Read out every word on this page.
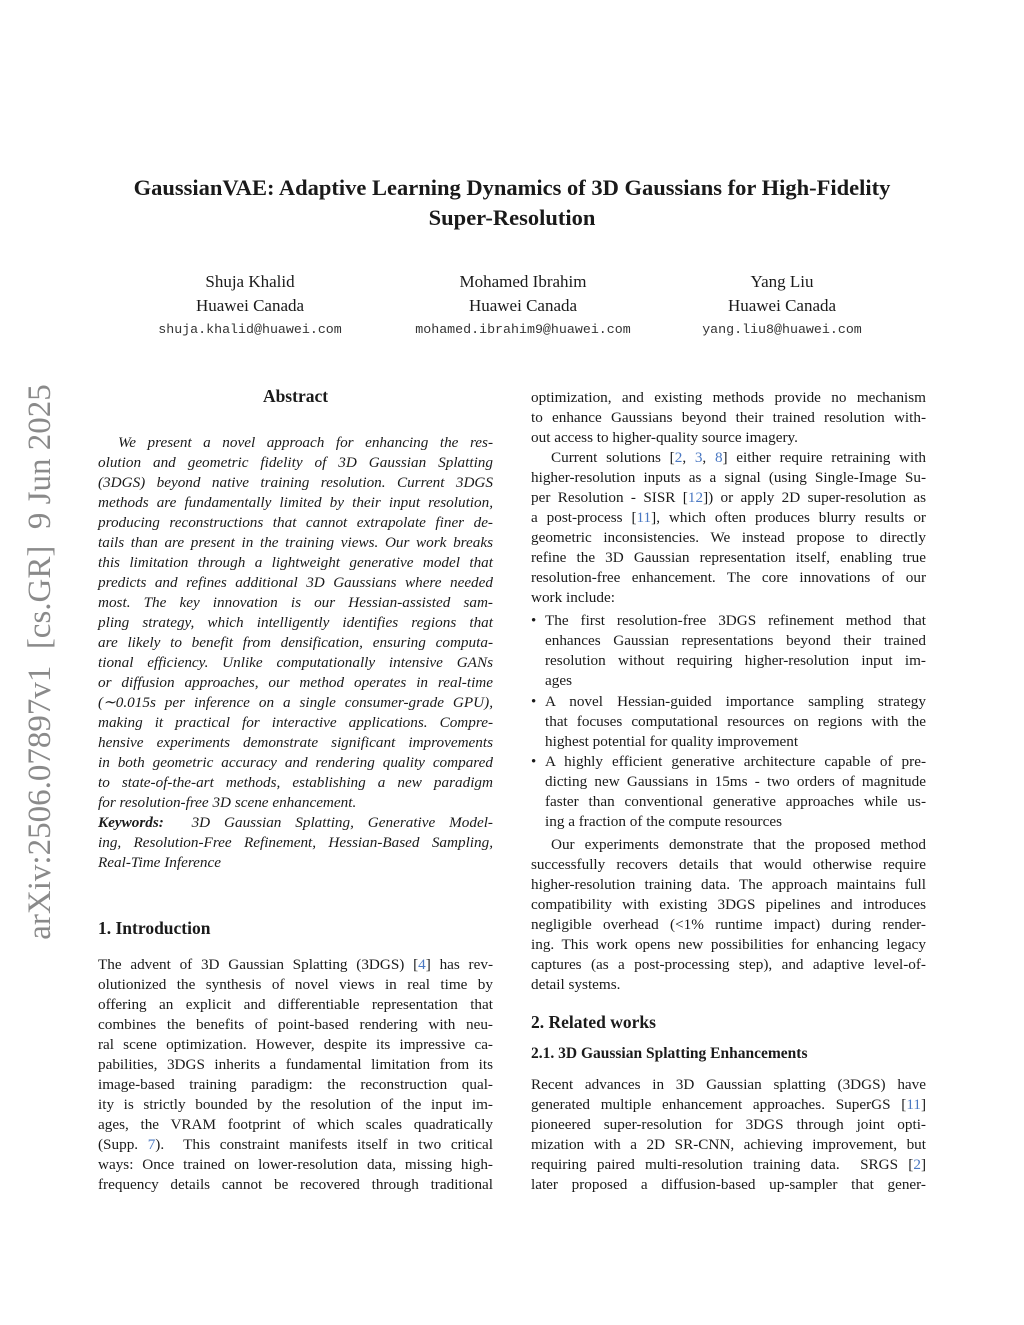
arXiv:2506.07897v1  [cs.GR]  9 Jun 2025
GaussianVAE: Adaptive Learning Dynamics of 3D Gaussians for High-Fidelity
Super-Resolution
Shuja Khalid
Huawei Canada
shuja.khalid@huawei.com
Mohamed Ibrahim
Huawei Canada
mohamed.ibrahim9@huawei.com
Yang Liu
Huawei Canada
yang.liu8@huawei.com
Abstract
We present a novel approach for enhancing the res-
olution and geometric fidelity of 3D Gaussian Splatting
(3DGS) beyond native training resolution. Current 3DGS
methods are fundamentally limited by their input resolution,
producing reconstructions that cannot extrapolate finer de-
tails than are present in the training views. Our work breaks
this limitation through a lightweight generative model that
predicts and refines additional 3D Gaussians where needed
most. The key innovation is our Hessian-assisted sam-
pling strategy, which intelligently identifies regions that
are likely to benefit from densification, ensuring computa-
tional efficiency. Unlike computationally intensive GANs
or diffusion approaches, our method operates in real-time
(∼0.015s per inference on a single consumer-grade GPU),
making it practical for interactive applications. Compre-
hensive experiments demonstrate significant improvements
in both geometric accuracy and rendering quality compared
to state-of-the-art methods, establishing a new paradigm
for resolution-free 3D scene enhancement.
Keywords:  3D Gaussian Splatting, Generative Model-
ing, Resolution-Free Refinement, Hessian-Based Sampling,
Real-Time Inference
1. Introduction
The advent of 3D Gaussian Splatting (3DGS) [4] has rev-
olutionized the synthesis of novel views in real time by
offering an explicit and differentiable representation that
combines the benefits of point-based rendering with neu-
ral scene optimization. However, despite its impressive ca-
pabilities, 3DGS inherits a fundamental limitation from its
image-based training paradigm: the reconstruction qual-
ity is strictly bounded by the resolution of the input im-
ages, the VRAM footprint of which scales quadratically
(Supp. 7).  This constraint manifests itself in two critical
ways: Once trained on lower-resolution data, missing high-
frequency details cannot be recovered through traditional
optimization, and existing methods provide no mechanism
to enhance Gaussians beyond their trained resolution with-
out access to higher-quality source imagery.
Current solutions [2, 3, 8] either require retraining with
higher-resolution inputs as a signal (using Single-Image Su-
per Resolution - SISR [12]) or apply 2D super-resolution as
a post-process [11], which often produces blurry results or
geometric inconsistencies. We instead propose to directly
refine the 3D Gaussian representation itself, enabling true
resolution-free enhancement. The core innovations of our
work include:
• The first resolution-free 3DGS refinement method that
enhances Gaussian representations beyond their trained
resolution without requiring higher-resolution input im-
ages
• A novel Hessian-guided importance sampling strategy
that focuses computational resources on regions with the
highest potential for quality improvement
• A highly efficient generative architecture capable of pre-
dicting new Gaussians in 15ms - two orders of magnitude
faster than conventional generative approaches while us-
ing a fraction of the compute resources
Our experiments demonstrate that the proposed method
successfully recovers details that would otherwise require
higher-resolution training data. The approach maintains full
compatibility with existing 3DGS pipelines and introduces
negligible overhead (<1% runtime impact) during render-
ing. This work opens new possibilities for enhancing legacy
captures (as a post-processing step), and adaptive level-of-
detail systems.
2. Related works
2.1. 3D Gaussian Splatting Enhancements
Recent advances in 3D Gaussian splatting (3DGS) have
generated multiple enhancement approaches. SuperGS [11]
pioneered super-resolution for 3DGS through joint opti-
mization with a 2D SR-CNN, achieving improvement, but
requiring paired multi-resolution training data.  SRGS [2]
later proposed a diffusion-based up-sampler that gener-
